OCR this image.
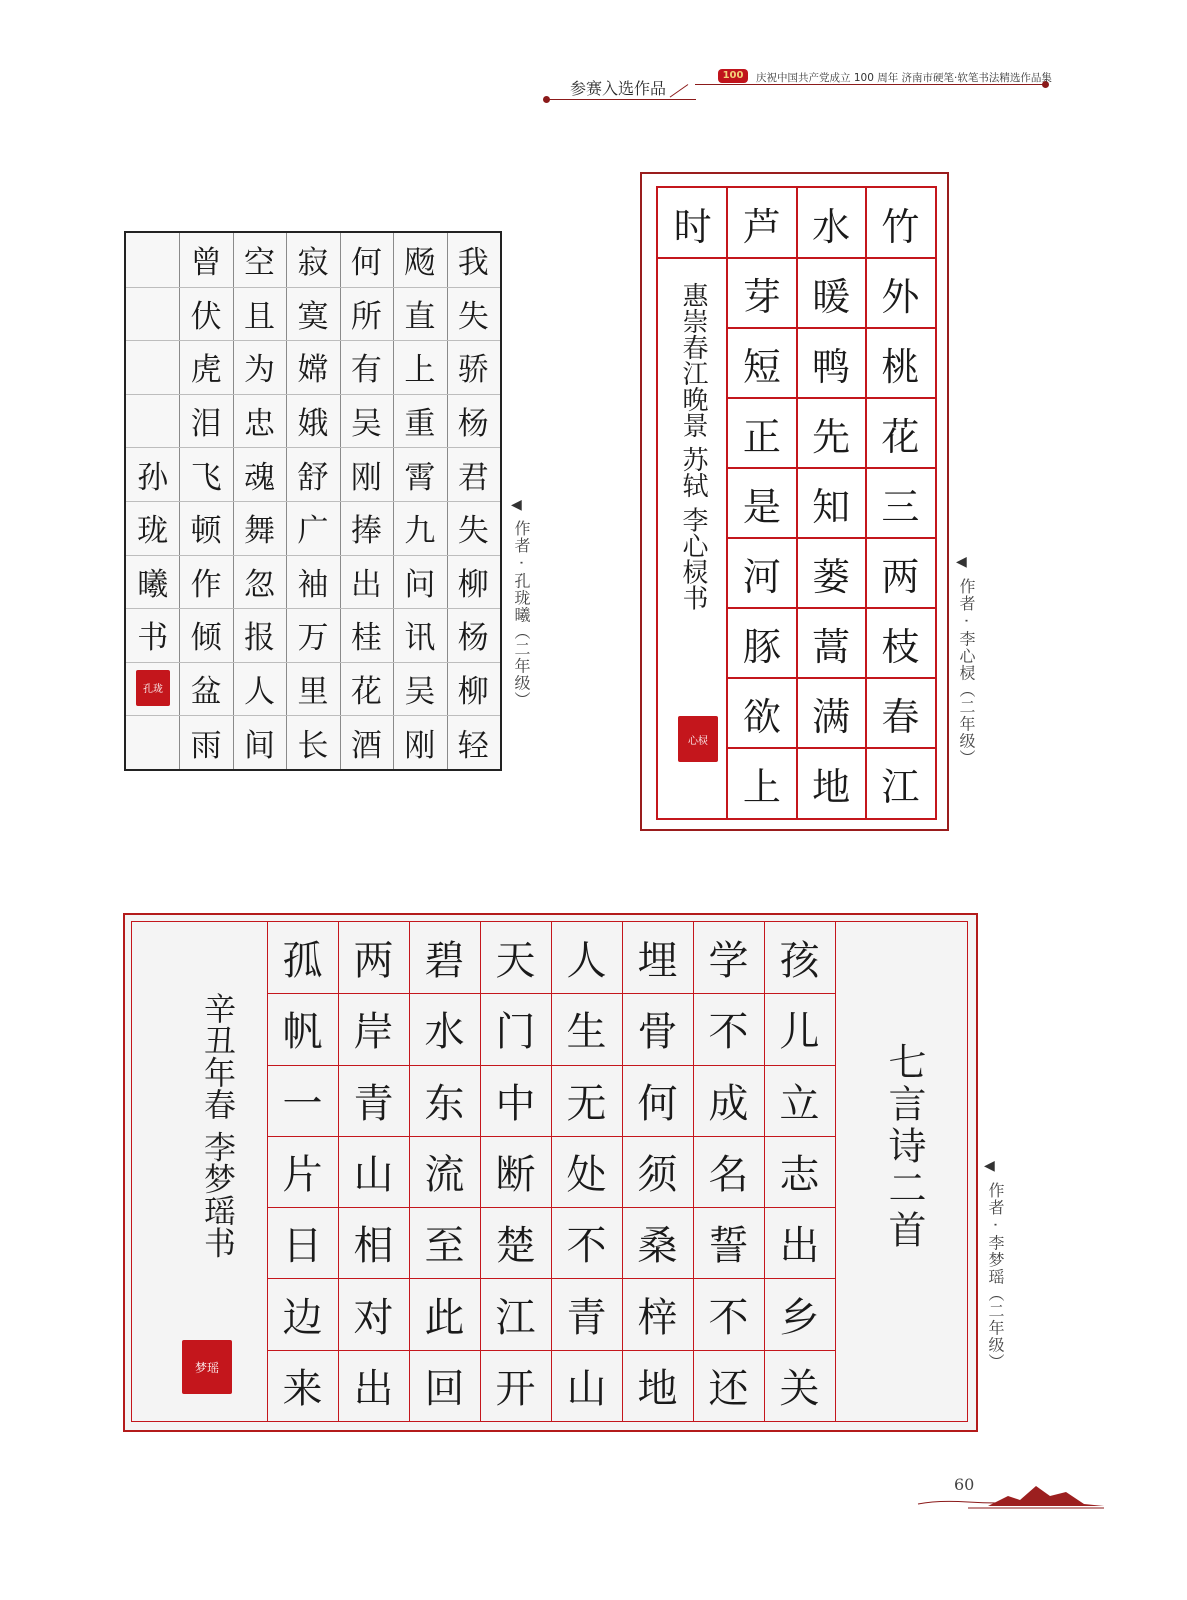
参赛入选作品
100	庆祝中国共产党成立 100 周年 济南市硬笔·软笔书法精选作品集
我
失
骄
杨
君
失
柳
杨
柳
轻
飏
直
上
重
霄
九
问
讯
吴
刚
何
所
有
吴
刚
捧
出
桂
花
酒
寂
寞
嫦
娥
舒
广
袖
万
里
长
空
且
为
忠
魂
舞
忽
报
人
间
曾
伏
虎
泪
飞
顿
作
倾
盆
雨
孙
珑
曦
书
孔珑
◀
作者 · 孔珑曦（二年级）
竹
外
桃
花
三
两
枝
春
江
水
暖
鸭
先
知
蒌
蒿
满
地
芦
芽
短
正
是
河
豚
欲
上
时
惠崇春江晚景 苏轼 李心棂书
心棂
◀
作者 · 李心棂（二年级）
孩
儿
立
志
出
乡
关
学
不
成
名
誓
不
还
埋
骨
何
须
桑
梓
地
人
生
无
处
不
青
山
天
门
中
断
楚
江
开
碧
水
东
流
至
此
回
两
岸
青
山
相
对
出
孤
帆
一
片
日
边
来
七言诗二首
辛丑年春 李梦瑶书
梦瑶
◀
作者 · 李梦瑶（二年级）
60
